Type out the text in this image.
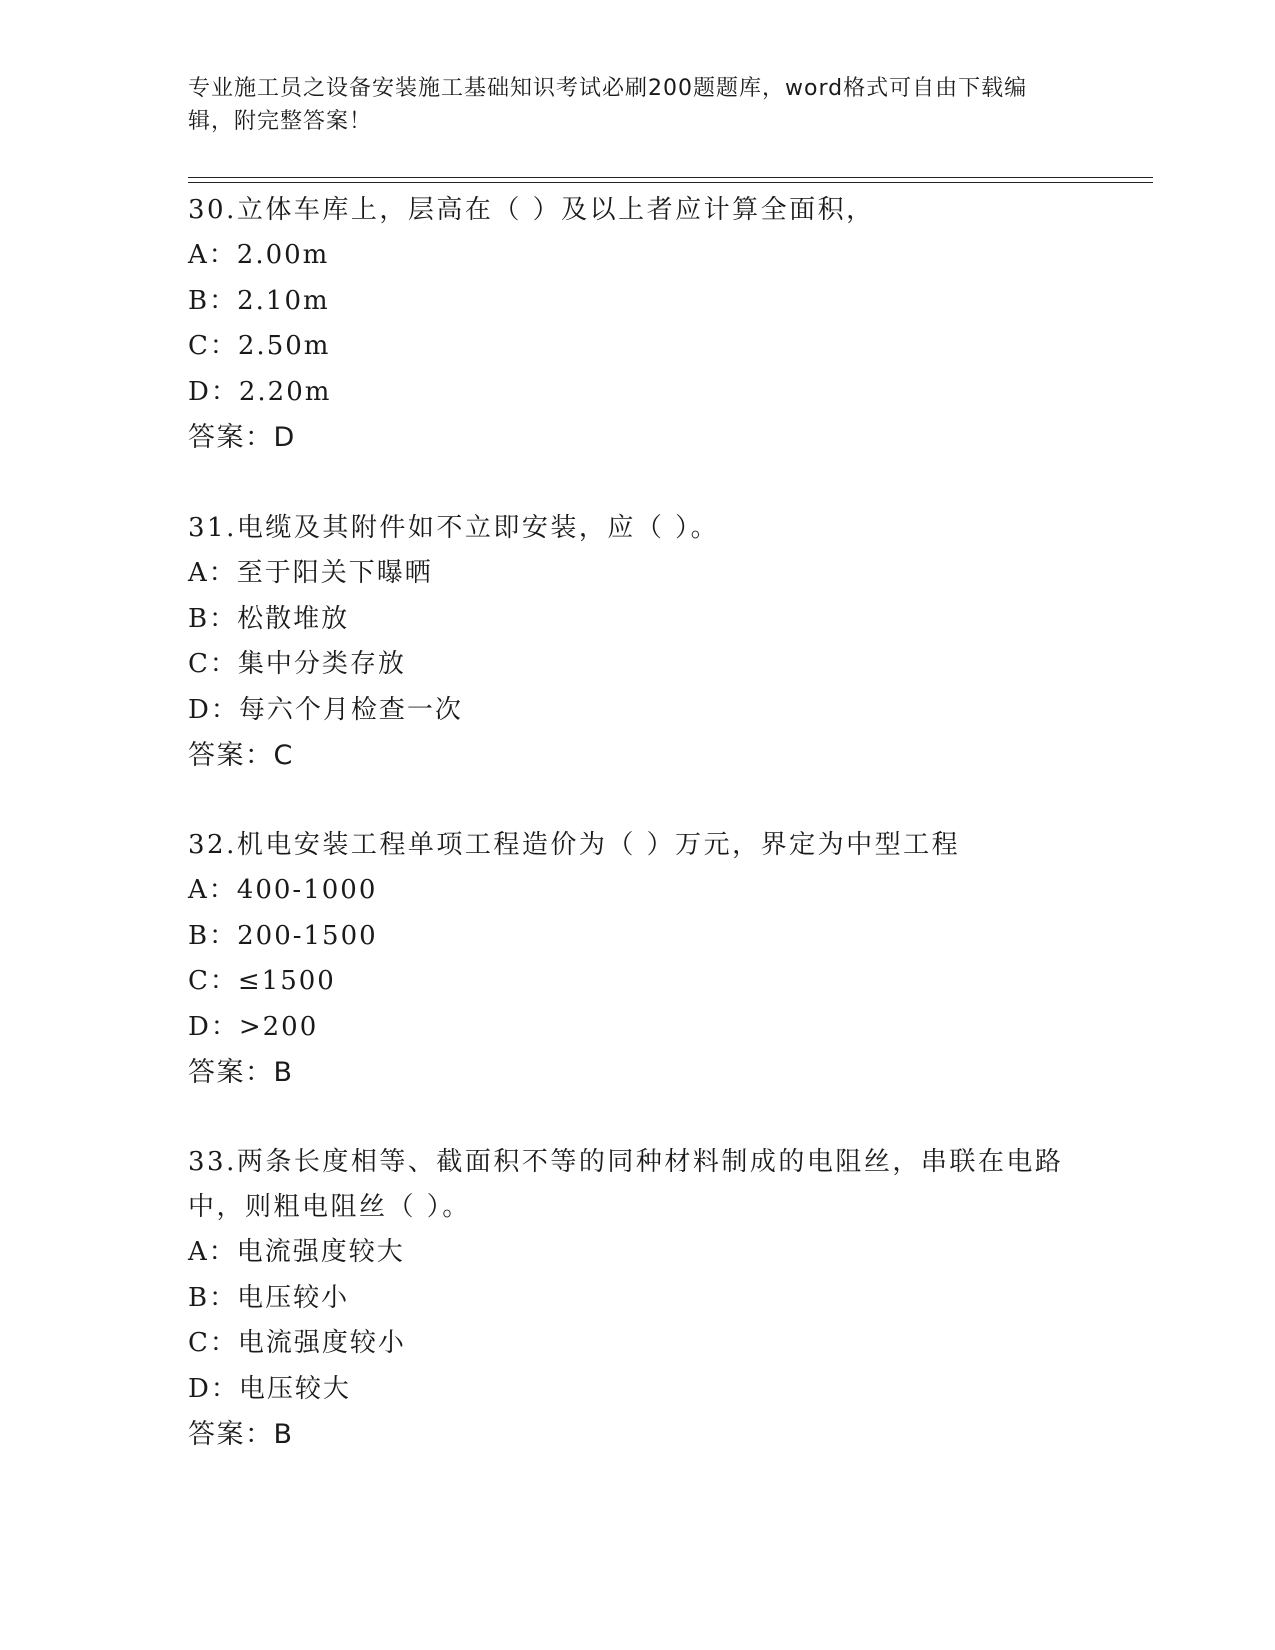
专业施工员之设备安装施工基础知识考试必刷200题题库，word格式可自由下载编辑，附完整答案！

30.立体车库上，层高在（ ）及以上者应计算全面积，

A：2.00m

B：2.10m

C：2.50m

D：2.20m

答案：D

31.电缆及其附件如不立即安装，应（ ）。

A：至于阳关下曝晒

B：松散堆放

C：集中分类存放

D：每六个月检查一次

答案：C

32.机电安装工程单项工程造价为（ ）万元，界定为中型工程

A：400-1000

B：200-1500

C：≤1500

D：>200

答案：B

33.两条长度相等、截面积不等的同种材料制成的电阻丝，串联在电路中，则粗电阻丝（ ）。

A：电流强度较大

B：电压较小

C：电流强度较小

D：电压较大

答案：B
